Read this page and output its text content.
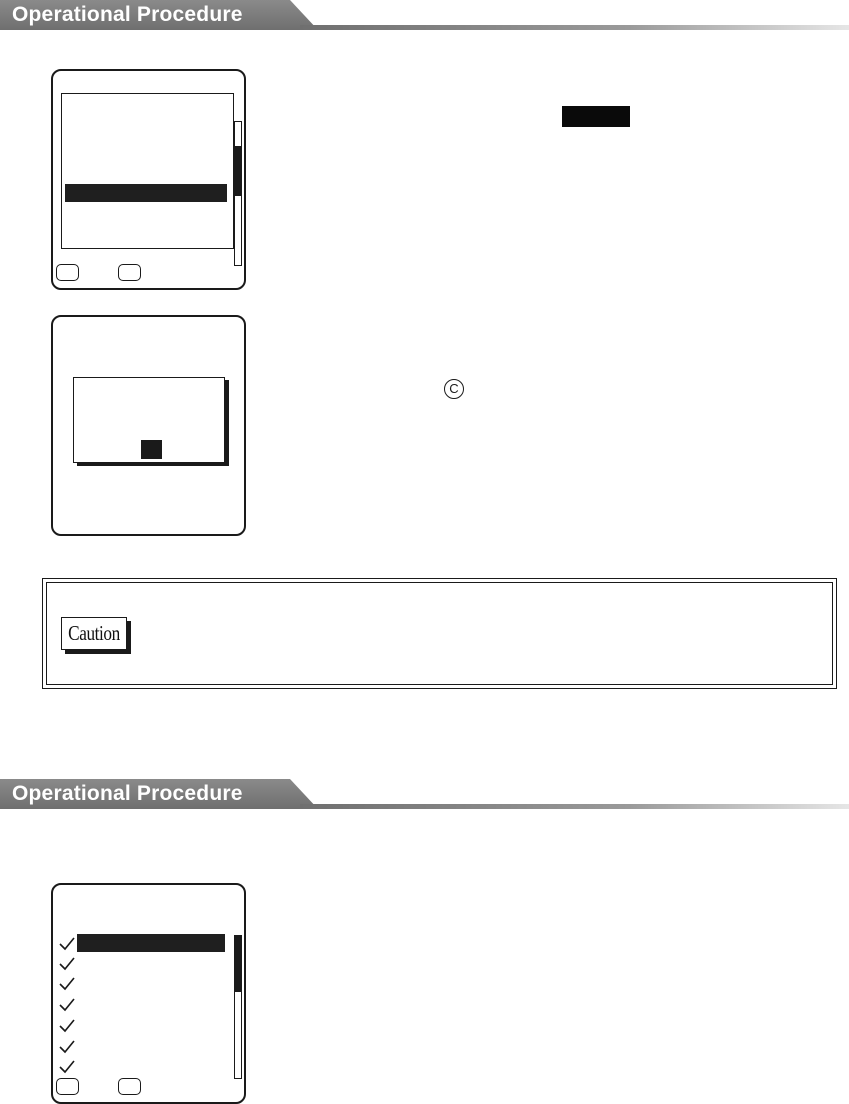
Operational Procedure
C
Caution
Operational Procedure
